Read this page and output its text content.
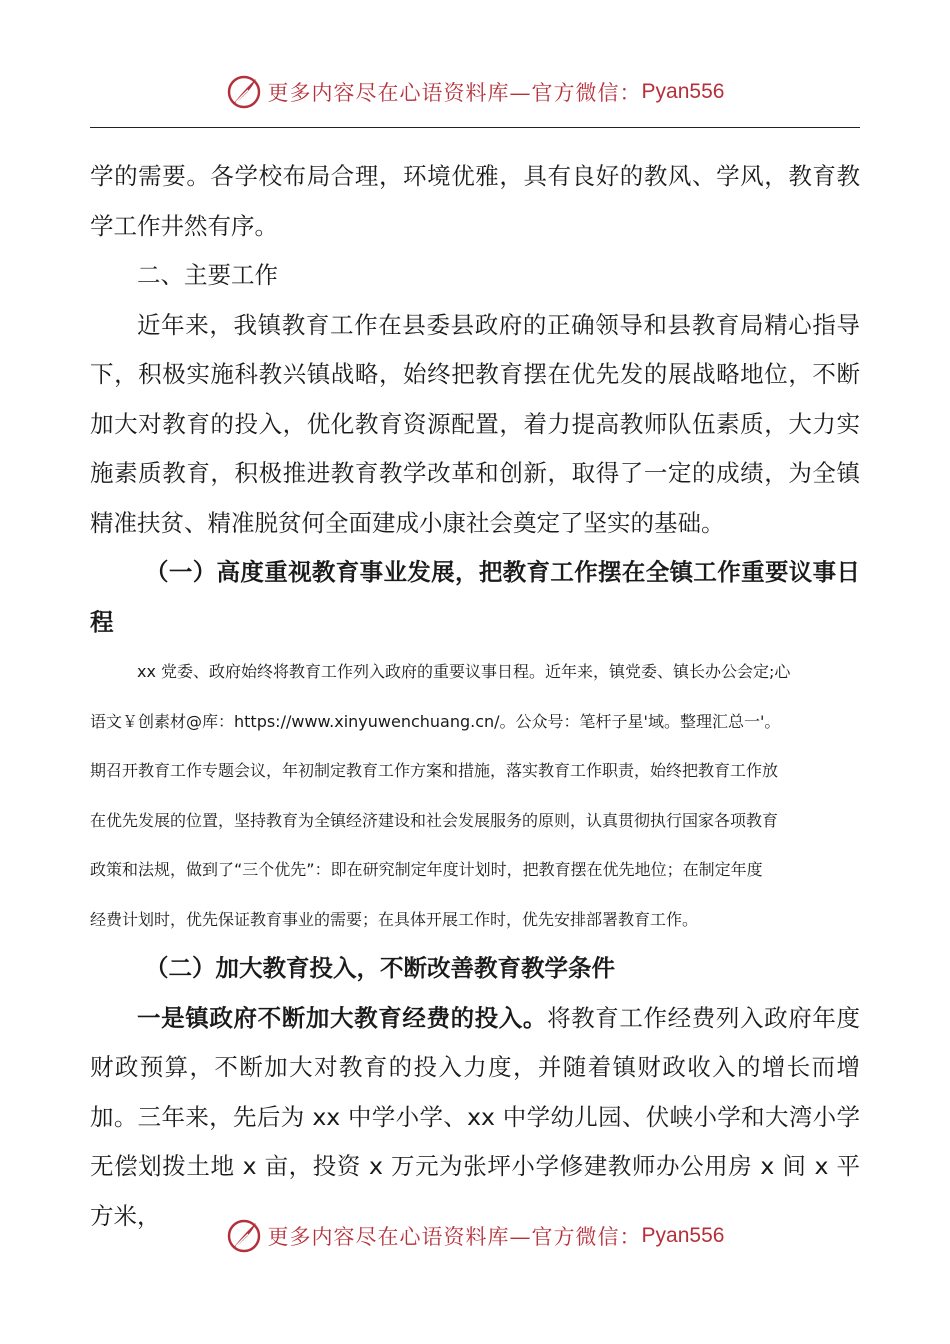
更多内容尽在心语资料库—官方微信： Pyan556

学的需要。各学校布局合理，环境优雅，具有良好的教风、学风，教育教学工作井然有序。

二、主要工作

近年来，我镇教育工作在县委县政府的正确领导和县教育局精心指导下，积极实施科教兴镇战略，始终把教育摆在优先发的展战略地位，不断加大对教育的投入，优化教育资源配置，着力提高教师队伍素质，大力实施素质教育，积极推进教育教学改革和创新，取得了一定的成绩，为全镇精准扶贫、精准脱贫何全面建成小康社会奠定了坚实的基础。

（一）高度重视教育事业发展，把教育工作摆在全镇工作重要议事日程

xx 党委、政府始终将教育工作列入政府的重要议事日程。近年来，镇党委、镇长办公会定;心

语文￥创素材@库：https://www.xinyuwenchuang.cn/。公众号：笔杆子星'域。整理汇总一'。

期召开教育工作专题会议，年初制定教育工作方案和措施，落实教育工作职责，始终把教育工作放

在优先发展的位置，坚持教育为全镇经济建设和社会发展服务的原则，认真贯彻执行国家各项教育

政策和法规，做到了“三个优先”：即在研究制定年度计划时，把教育摆在优先地位；在制定年度

经费计划时，优先保证教育事业的需要；在具体开展工作时，优先安排部署教育工作。

（二）加大教育投入，不断改善教育教学条件

一是镇政府不断加大教育经费的投入。将教育工作经费列入政府年度财政预算，不断加大对教育的投入力度，并随着镇财政收入的增长而增加。三年来，先后为 xx 中学小学、xx 中学幼儿园、伏峡小学和大湾小学无偿划拨土地 x 亩，投资 x 万元为张坪小学修建教师办公用房 x 间 x 平方米，

更多内容尽在心语资料库—官方微信： Pyan556
